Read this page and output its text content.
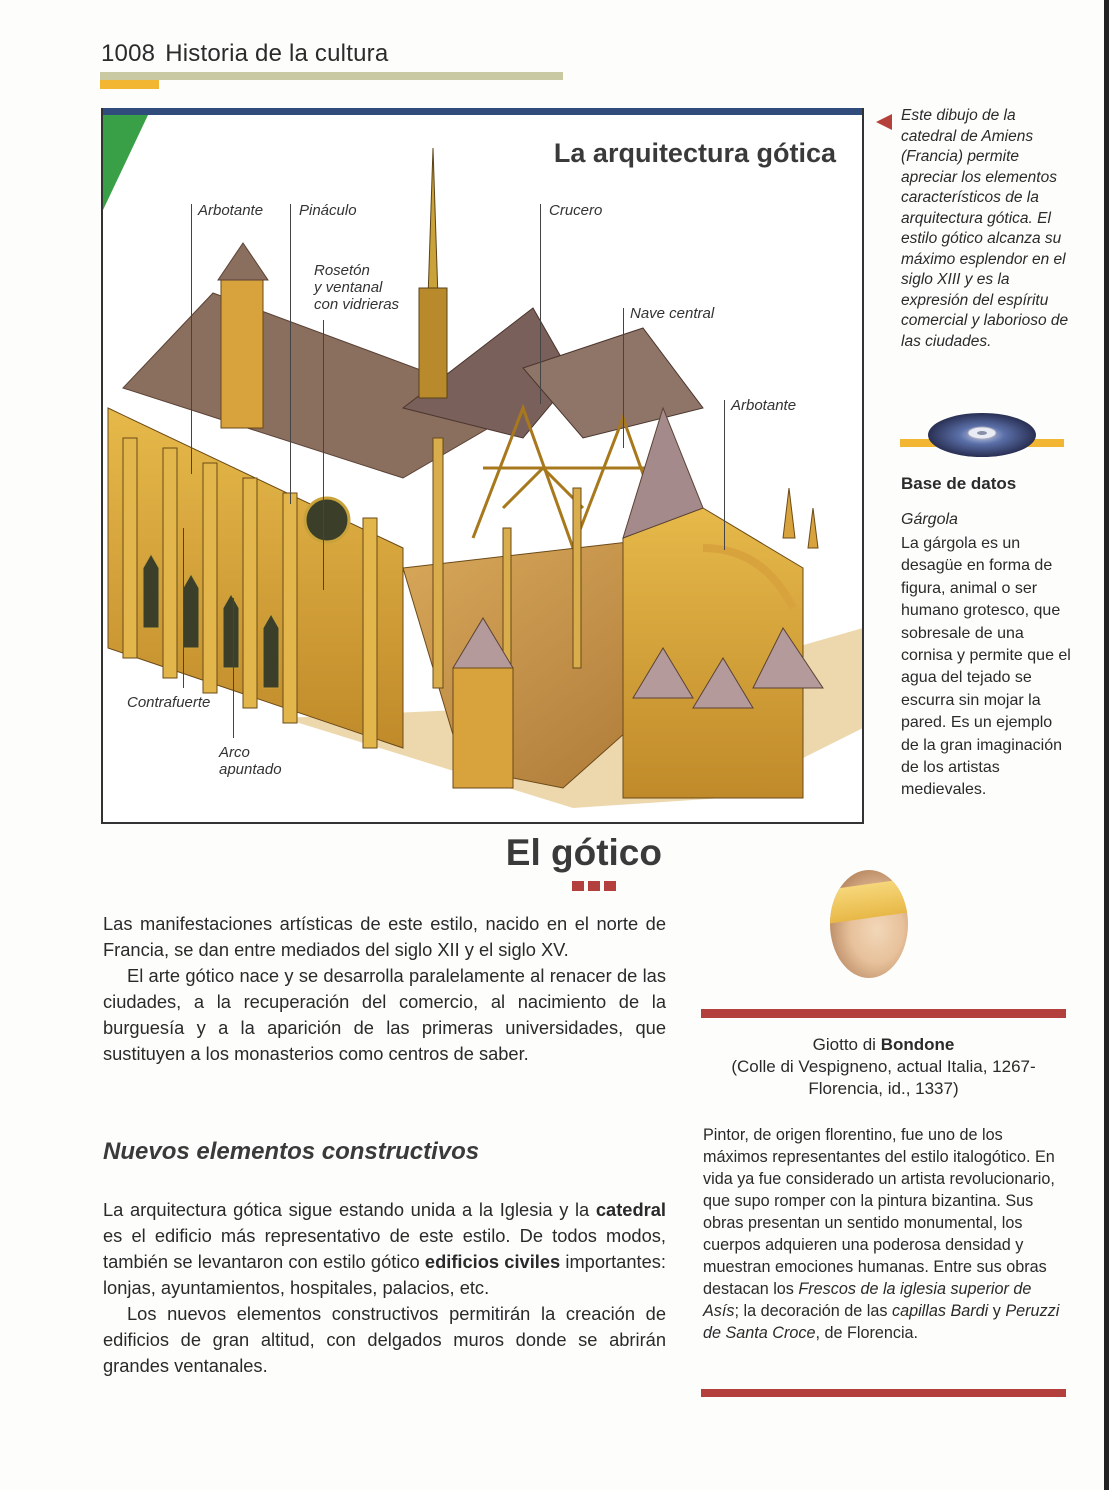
1008 Historia de la cultura
La arquitectura gótica
Arbotante Pináculo
Rosetón
y ventanal
con vidrieras
Crucero
Nave central
Arbotante
Contrafuerte
Arco
apuntado
Este dibujo de la catedral de Amiens (Francia) permite apreciar los elementos característicos de la arquitectura gótica. El estilo gótico alcanza su máximo esplendor en el siglo XIII y es la expresión del espíritu comercial y laborioso de las ciudades.
Base de datos
Gárgola
La gárgola es un desagüe en forma de figura, animal o ser humano grotesco, que sobresale de una cornisa y permite que el agua del tejado se escurra sin mojar la pared. Es un ejemplo de la gran imaginación de los artistas medievales.
El gótico

Las manifestaciones artísticas de este estilo, nacido en el norte de Francia, se dan entre mediados del siglo XII y el siglo XV.

El arte gótico nace y se desarrolla paralelamente al renacer de las ciudades, a la recuperación del comercio, al nacimiento de la burguesía y a la aparición de las primeras universidades, que sustituyen a los monasterios como centros de saber.

Nuevos elementos constructivos

La arquitectura gótica sigue estando unida a la Iglesia y la catedral es el edificio más representativo de este estilo. De todos modos, también se levantaron con estilo gótico edificios civiles importantes: lonjas, ayuntamientos, hospitales, palacios, etc.

Los nuevos elementos constructivos permitirán la creación de edificios de gran altitud, con delgados muros donde se abrirán grandes ventanales.

Giotto di Bondone
(Colle di Vespigneno, actual Italia, 1267-Florencia, id., 1337)
Pintor, de origen florentino, fue uno de los máximos representantes del estilo italogótico. En vida ya fue considerado un artista revolucionario, que supo romper con la pintura bizantina. Sus obras presentan un sentido monumental, los cuerpos adquieren una poderosa densidad y muestran emociones humanas. Entre sus obras destacan los Frescos de la iglesia superior de Asís; la decoración de las capillas Bardi y Peruzzi de Santa Croce, de Florencia.
